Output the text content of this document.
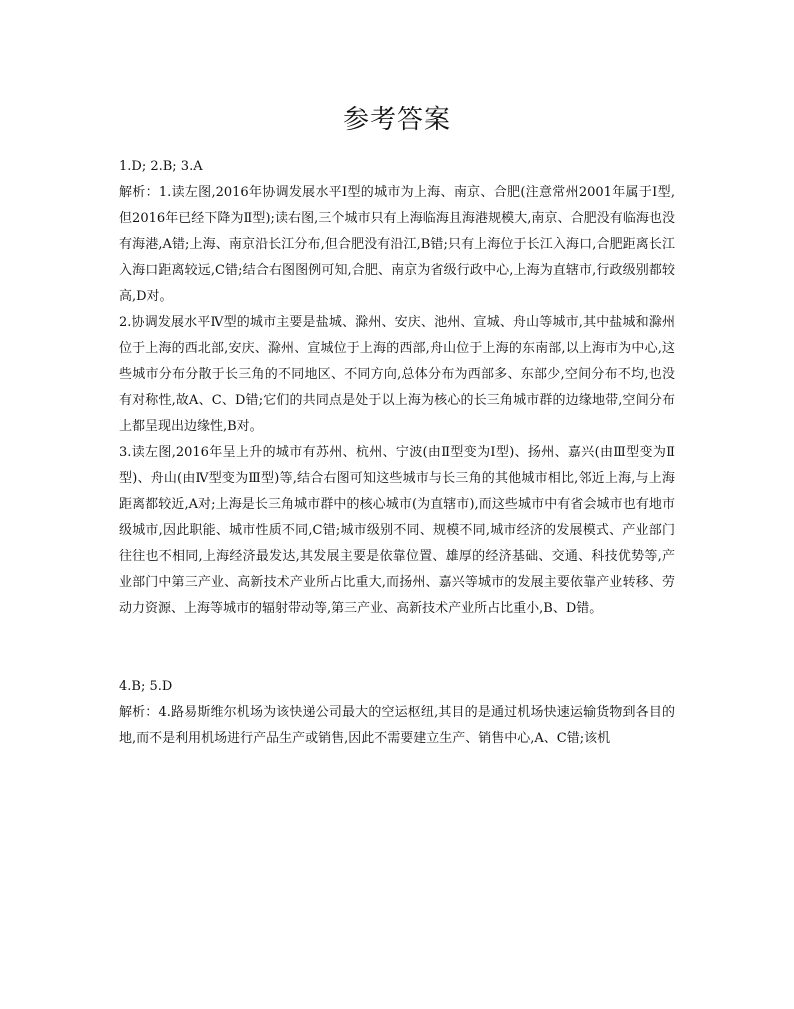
参考答案

1.D; 2.B; 3.A

解析：1.读左图,2016年协调发展水平Ⅰ型的城市为上海、南京、合肥(注意常州2001年属于Ⅰ型,但2016年已经下降为Ⅱ型);读右图,三个城市只有上海临海且海港规模大,南京、合肥没有临海也没有海港,A错;上海、南京沿长江分布,但合肥没有沿江,B错;只有上海位于长江入海口,合肥距离长江入海口距离较远,C错;结合右图图例可知,合肥、南京为省级行政中心,上海为直辖市,行政级别都较高,D对。

2.协调发展水平Ⅳ型的城市主要是盐城、滁州、安庆、池州、宣城、舟山等城市,其中盐城和滁州位于上海的西北部,安庆、滁州、宣城位于上海的西部,舟山位于上海的东南部,以上海市为中心,这些城市分布分散于长三角的不同地区、不同方向,总体分布为西部多、东部少,空间分布不均,也没有对称性,故A、C、D错;它们的共同点是处于以上海为核心的长三角城市群的边缘地带,空间分布上都呈现出边缘性,B对。

3.读左图,2016年呈上升的城市有苏州、杭州、宁波(由Ⅱ型变为Ⅰ型)、扬州、嘉兴(由Ⅲ型变为Ⅱ型)、舟山(由Ⅳ型变为Ⅲ型)等,结合右图可知这些城市与长三角的其他城市相比,邻近上海,与上海距离都较近,A对;上海是长三角城市群中的核心城市(为直辖市),而这些城市中有省会城市也有地市级城市,因此职能、城市性质不同,C错;城市级别不同、规模不同,城市经济的发展模式、产业部门往往也不相同,上海经济最发达,其发展主要是依靠位置、雄厚的经济基础、交通、科技优势等,产业部门中第三产业、高新技术产业所占比重大,而扬州、嘉兴等城市的发展主要依靠产业转移、劳动力资源、上海等城市的辐射带动等,第三产业、高新技术产业所占比重小,B、D错。

4.B; 5.D

解析：4.路易斯维尔机场为该快递公司最大的空运枢纽,其目的是通过机场快速运输货物到各目的地,而不是利用机场进行产品生产或销售,因此不需要建立生产、销售中心,A、C错;该机
